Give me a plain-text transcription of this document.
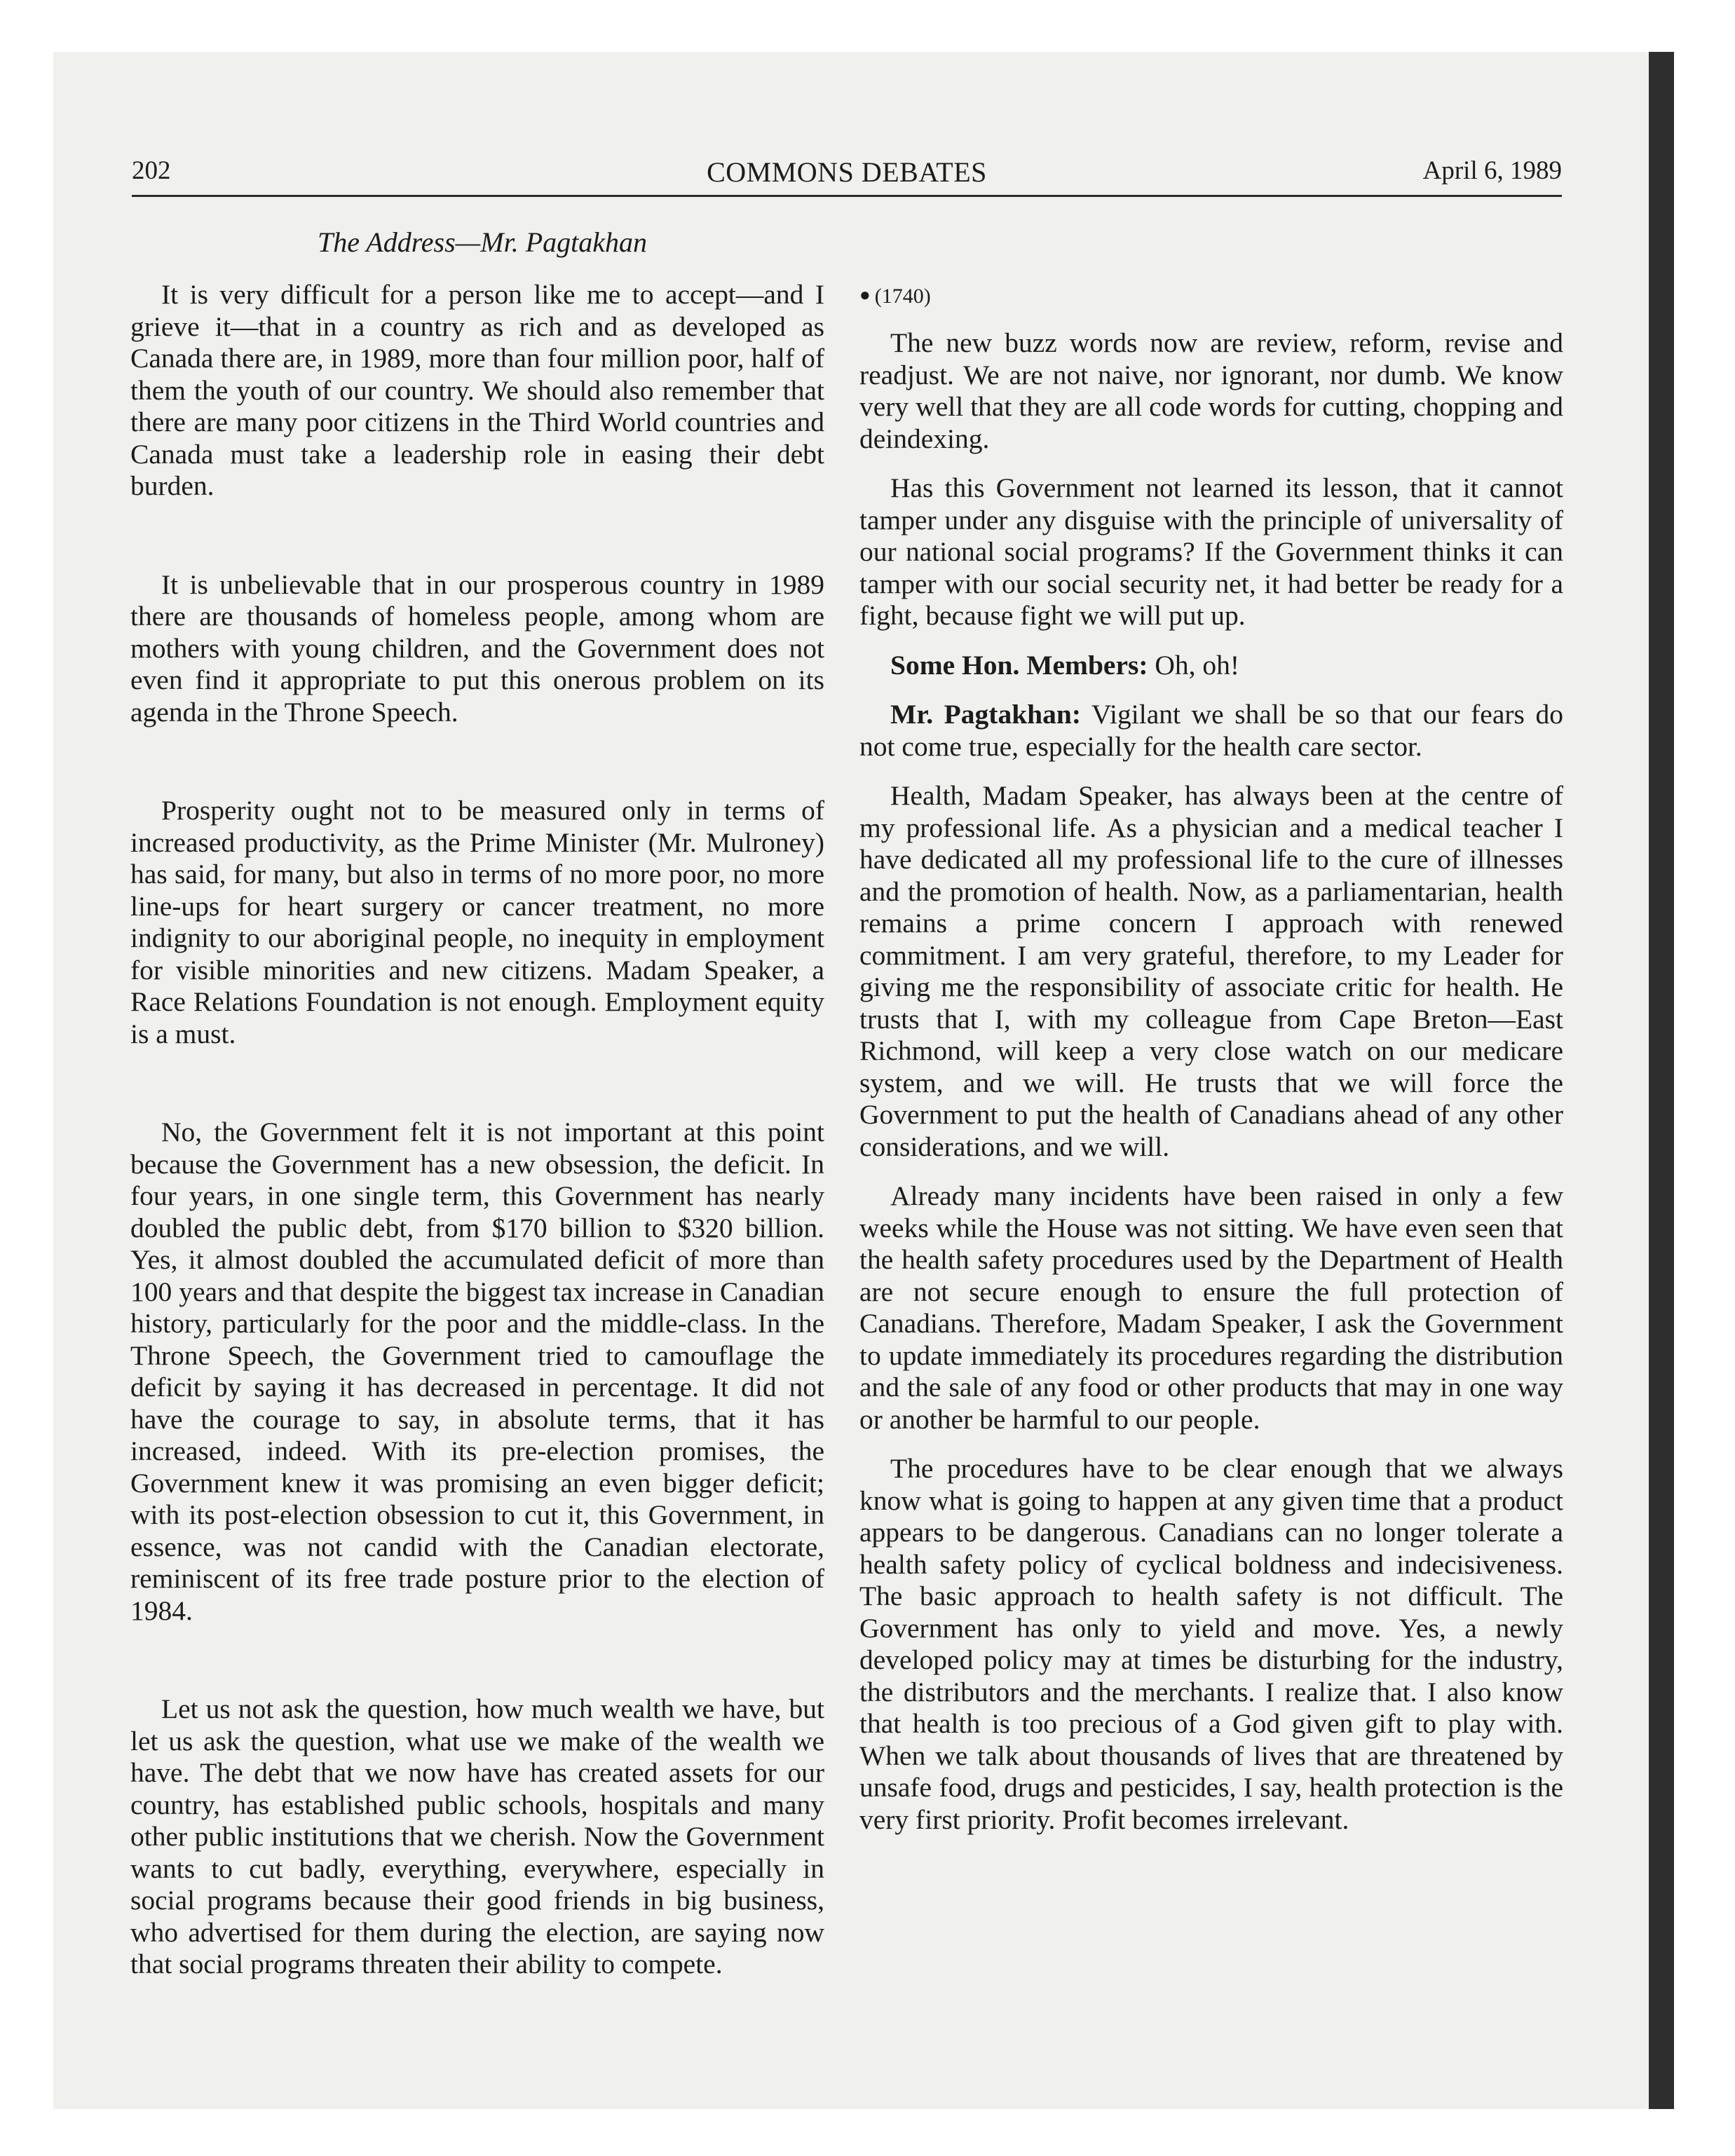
202	COMMONS DEBATES	April 6, 1989
The Address—Mr. Pagtakhan

It is very difficult for a person like me to accept—and I grieve it—that in a country as rich and as developed as Canada there are, in 1989, more than four million poor, half of them the youth of our country. We should also remember that there are many poor citizens in the Third World countries and Canada must take a leadership role in easing their debt burden.

It is unbelievable that in our prosperous country in 1989 there are thousands of homeless people, among whom are mothers with young children, and the Government does not even find it appropriate to put this onerous problem on its agenda in the Throne Speech.

Prosperity ought not to be measured only in terms of increased productivity, as the Prime Minister (Mr. Mulroney) has said, for many, but also in terms of no more poor, no more line-ups for heart surgery or cancer treatment, no more indignity to our aboriginal people, no inequity in employment for visible minorities and new citizens. Madam Speaker, a Race Relations Foundation is not enough. Employment equity is a must.

No, the Government felt it is not important at this point because the Government has a new obsession, the deficit. In four years, in one single term, this Government has nearly doubled the public debt, from $170 billion to $320 billion. Yes, it almost doubled the accumulated deficit of more than 100 years and that despite the biggest tax increase in Canadian history, particularly for the poor and the middle-class. In the Throne Speech, the Government tried to camouflage the deficit by saying it has decreased in percentage. It did not have the courage to say, in absolute terms, that it has increased, indeed. With its pre-election promises, the Government knew it was promising an even bigger deficit; with its post-election obsession to cut it, this Government, in essence, was not candid with the Canadian electorate, reminiscent of its free trade posture prior to the election of 1984.

Let us not ask the question, how much wealth we have, but let us ask the question, what use we make of the wealth we have. The debt that we now have has created assets for our country, has established public schools, hospitals and many other public institutions that we cherish. Now the Government wants to cut badly, everything, everywhere, especially in social programs because their good friends in big business, who advertised for them during the election, are saying now that social programs threaten their ability to compete.

● (1740)

The new buzz words now are review, reform, revise and readjust. We are not naive, nor ignorant, nor dumb. We know very well that they are all code words for cutting, chopping and deindexing.

Has this Government not learned its lesson, that it cannot tamper under any disguise with the principle of universality of our national social programs? If the Government thinks it can tamper with our social security net, it had better be ready for a fight, because fight we will put up.

Some Hon. Members: Oh, oh!

Mr. Pagtakhan: Vigilant we shall be so that our fears do not come true, especially for the health care sector.

Health, Madam Speaker, has always been at the centre of my professional life. As a physician and a medical teacher I have dedicated all my professional life to the cure of illnesses and the promotion of health. Now, as a parliamentarian, health remains a prime concern I approach with renewed commitment. I am very grateful, therefore, to my Leader for giving me the responsibility of associate critic for health. He trusts that I, with my colleague from Cape Breton—East Richmond, will keep a very close watch on our medicare system, and we will. He trusts that we will force the Government to put the health of Canadians ahead of any other considerations, and we will.

Already many incidents have been raised in only a few weeks while the House was not sitting. We have even seen that the health safety procedures used by the Department of Health are not secure enough to ensure the full protection of Canadians. Therefore, Madam Speaker, I ask the Government to update immediately its procedures regarding the distribution and the sale of any food or other products that may in one way or another be harmful to our people.

The procedures have to be clear enough that we always know what is going to happen at any given time that a product appears to be dangerous. Canadians can no longer tolerate a health safety policy of cyclical boldness and indecisiveness. The basic approach to health safety is not difficult. The Government has only to yield and move. Yes, a newly developed policy may at times be disturbing for the industry, the distributors and the merchants. I realize that. I also know that health is too precious of a God given gift to play with. When we talk about thousands of lives that are threatened by unsafe food, drugs and pesticides, I say, health protection is the very first priority. Profit becomes irrelevant.
